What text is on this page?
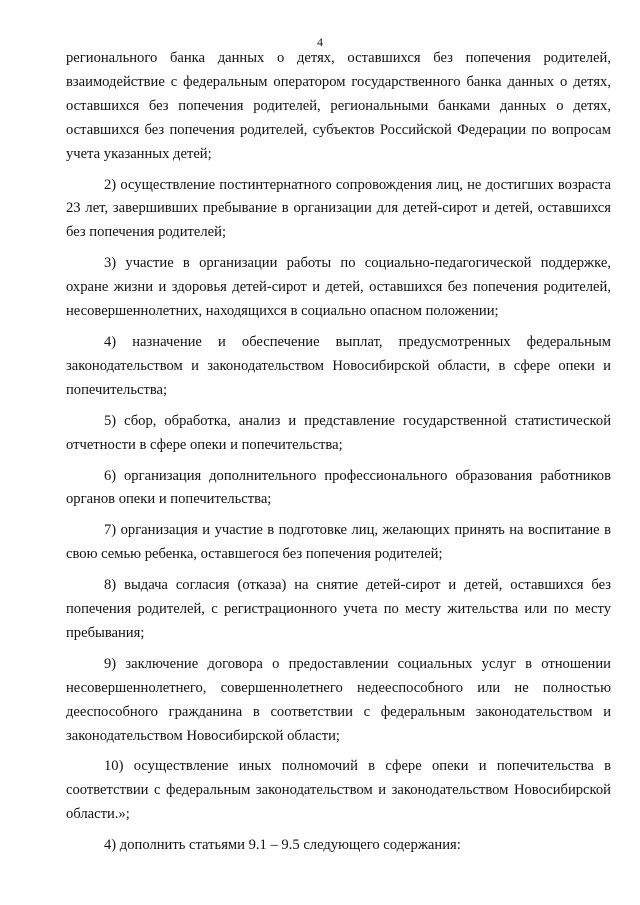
4

регионального банка данных о детях, оставшихся без попечения родителей, взаимодействие с федеральным оператором государственного банка данных о детях, оставшихся без попечения родителей, региональными банками данных о детях, оставшихся без попечения родителей, субъектов Российской Федерации по вопросам учета указанных детей;

2) осуществление постинтернатного сопровождения лиц, не достигших возраста 23 лет, завершивших пребывание в организации для детей-сирот и детей, оставшихся без попечения родителей;

3) участие в организации работы по социально-педагогической поддержке, охране жизни и здоровья детей-сирот и детей, оставшихся без попечения родителей, несовершеннолетних, находящихся в социально опасном положении;

4) назначение и обеспечение выплат, предусмотренных федеральным законодательством и законодательством Новосибирской области, в сфере опеки и попечительства;

5) сбор, обработка, анализ и представление государственной статистической отчетности в сфере опеки и попечительства;

6) организация дополнительного профессионального образования работников органов опеки и попечительства;

7) организация и участие в подготовке лиц, желающих принять на воспитание в свою семью ребенка, оставшегося без попечения родителей;

8) выдача согласия (отказа) на снятие детей-сирот и детей, оставшихся без попечения родителей, с регистрационного учета по месту жительства или по месту пребывания;

9) заключение договора о предоставлении социальных услуг в отношении несовершеннолетнего, совершеннолетнего недееспособного или не полностью дееспособного гражданина в соответствии с федеральным законодательством и законодательством Новосибирской области;

10) осуществление иных полномочий в сфере опеки и попечительства в соответствии с федеральным законодательством и законодательством Новосибирской области.»;

4) дополнить статьями 9.1 – 9.5 следующего содержания:
